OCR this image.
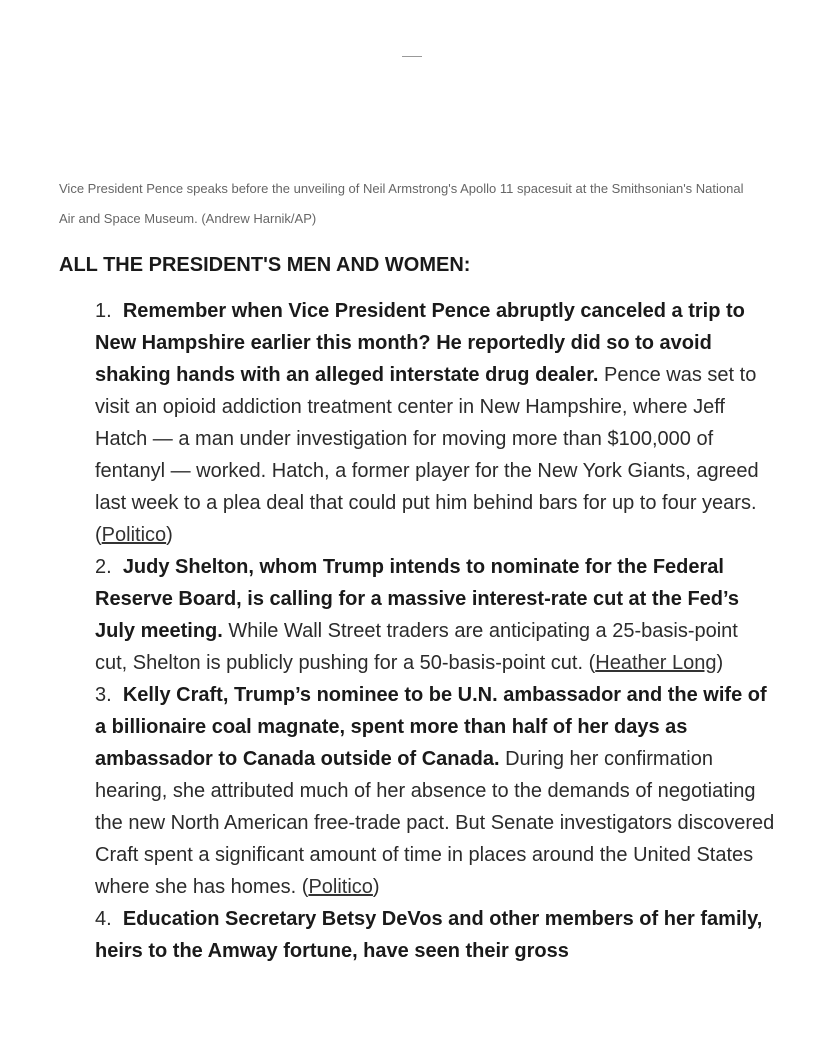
Vice President Pence speaks before the unveiling of Neil Armstrong's Apollo 11 spacesuit at the Smithsonian's National Air and Space Museum. (Andrew Harnik/AP)
ALL THE PRESIDENT'S MEN AND WOMEN:
1. Remember when Vice President Pence abruptly canceled a trip to New Hampshire earlier this month? He reportedly did so to avoid shaking hands with an alleged interstate drug dealer. Pence was set to visit an opioid addiction treatment center in New Hampshire, where Jeff Hatch — a man under investigation for moving more than $100,000 of fentanyl — worked. Hatch, a former player for the New York Giants, agreed last week to a plea deal that could put him behind bars for up to four years. (Politico)
2. Judy Shelton, whom Trump intends to nominate for the Federal Reserve Board, is calling for a massive interest-rate cut at the Fed’s July meeting. While Wall Street traders are anticipating a 25-basis-point cut, Shelton is publicly pushing for a 50-basis-point cut. (Heather Long)
3. Kelly Craft, Trump’s nominee to be U.N. ambassador and the wife of a billionaire coal magnate, spent more than half of her days as ambassador to Canada outside of Canada. During her confirmation hearing, she attributed much of her absence to the demands of negotiating the new North American free-trade pact. But Senate investigators discovered Craft spent a significant amount of time in places around the United States where she has homes. (Politico)
4. Education Secretary Betsy DeVos and other members of her family, heirs to the Amway fortune, have seen their gross
